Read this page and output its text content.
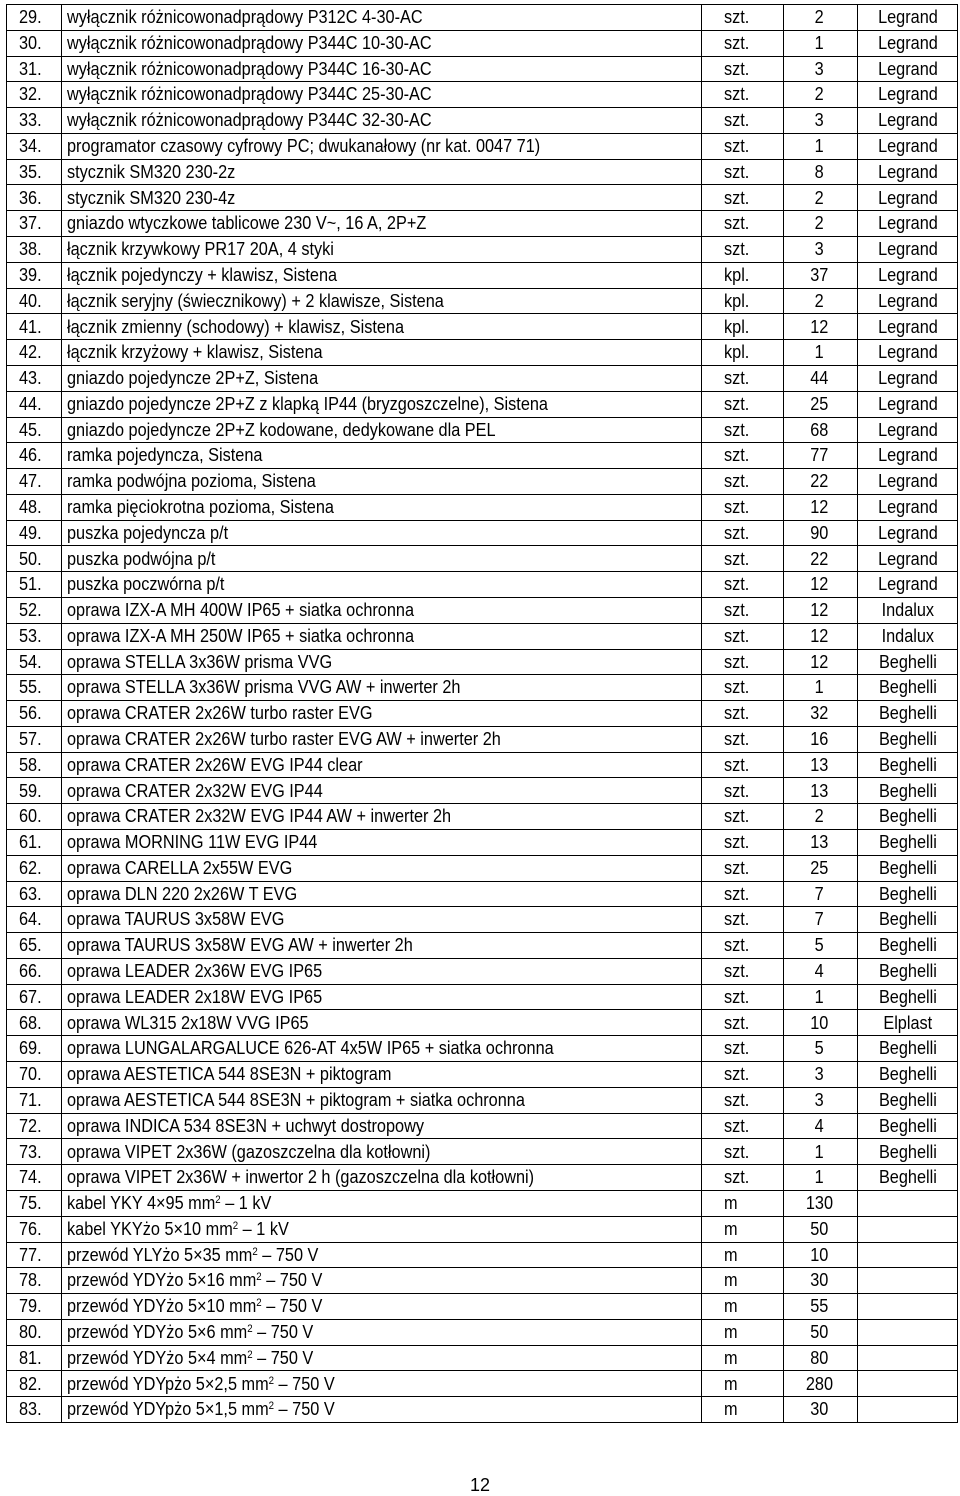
29.	wyłącznik różnicowonadprądowy P312C 4-30-AC	szt.	2	Legrand
30.	wyłącznik różnicowonadprądowy P344C 10-30-AC	szt.	1	Legrand
31.	wyłącznik różnicowonadprądowy P344C 16-30-AC	szt.	3	Legrand
32.	wyłącznik różnicowonadprądowy P344C 25-30-AC	szt.	2	Legrand
33.	wyłącznik różnicowonadprądowy P344C 32-30-AC	szt.	3	Legrand
34.	programator czasowy cyfrowy PC; dwukanałowy (nr kat. 0047 71)	szt.	1	Legrand
35.	stycznik SM320 230-2z	szt.	8	Legrand
36.	stycznik SM320 230-4z	szt.	2	Legrand
37.	gniazdo wtyczkowe tablicowe 230 V~, 16 A, 2P+Z	szt.	2	Legrand
38.	łącznik krzywkowy PR17 20A, 4 styki	szt.	3	Legrand
39.	łącznik pojedynczy + klawisz, Sistena	kpl.	37	Legrand
40.	łącznik seryjny (świecznikowy) + 2 klawisze, Sistena	kpl.	2	Legrand
41.	łącznik zmienny (schodowy) + klawisz, Sistena	kpl.	12	Legrand
42.	łącznik krzyżowy + klawisz, Sistena	kpl.	1	Legrand
43.	gniazdo pojedyncze 2P+Z, Sistena	szt.	44	Legrand
44.	gniazdo pojedyncze 2P+Z z klapką IP44 (bryzgoszczelne), Sistena	szt.	25	Legrand
45.	gniazdo pojedyncze 2P+Z kodowane, dedykowane dla PEL	szt.	68	Legrand
46.	ramka pojedyncza, Sistena	szt.	77	Legrand
47.	ramka podwójna pozioma, Sistena	szt.	22	Legrand
48.	ramka pięciokrotna pozioma, Sistena	szt.	12	Legrand
49.	puszka pojedyncza p/t	szt.	90	Legrand
50.	puszka podwójna p/t	szt.	22	Legrand
51.	puszka poczwórna p/t	szt.	12	Legrand
52.	oprawa IZX-A MH 400W IP65 + siatka ochronna	szt.	12	Indalux
53.	oprawa IZX-A MH 250W IP65 + siatka ochronna	szt.	12	Indalux
54.	oprawa STELLA 3x36W prisma VVG	szt.	12	Beghelli
55.	oprawa STELLA 3x36W prisma VVG AW + inwerter 2h	szt.	1	Beghelli
56.	oprawa CRATER 2x26W turbo raster EVG	szt.	32	Beghelli
57.	oprawa CRATER 2x26W turbo raster EVG AW + inwerter 2h	szt.	16	Beghelli
58.	oprawa CRATER 2x26W EVG IP44 clear	szt.	13	Beghelli
59.	oprawa CRATER 2x32W EVG IP44	szt.	13	Beghelli
60.	oprawa CRATER 2x32W EVG IP44 AW + inwerter 2h	szt.	2	Beghelli
61.	oprawa MORNING 11W EVG IP44	szt.	13	Beghelli
62.	oprawa CARELLA 2x55W EVG	szt.	25	Beghelli
63.	oprawa DLN 220 2x26W T EVG	szt.	7	Beghelli
64.	oprawa TAURUS 3x58W EVG	szt.	7	Beghelli
65.	oprawa TAURUS 3x58W EVG AW + inwerter 2h	szt.	5	Beghelli
66.	oprawa LEADER 2x36W EVG IP65	szt.	4	Beghelli
67.	oprawa LEADER 2x18W EVG IP65	szt.	1	Beghelli
68.	oprawa WL315 2x18W VVG IP65	szt.	10	Elplast
69.	oprawa LUNGALARGALUCE 626-AT 4x5W IP65 + siatka ochronna	szt.	5	Beghelli
70.	oprawa AESTETICA 544 8SE3N + piktogram	szt.	3	Beghelli
71.	oprawa AESTETICA 544 8SE3N + piktogram + siatka ochronna	szt.	3	Beghelli
72.	oprawa INDICA 534 8SE3N + uchwyt dostropowy	szt.	4	Beghelli
73.	oprawa VIPET 2x36W (gazoszczelna dla kotłowni)	szt.	1	Beghelli
74.	oprawa VIPET 2x36W + inwertor 2 h (gazoszczelna dla kotłowni)	szt.	1	Beghelli
75.	kabel YKY 4×95 $mm^2 - 1$ kV	m	130	
76.	kabel YKYżo 5×10 $mm^2 - 1$ kV	m	50	
77.	przewód YLYżo 5×35 $mm^2 - 750$ V	m	10	
78.	przewód YDYżo 5×16 $mm^2 - 750$ V	m	30	
79.	przewód YDYżo 5×10 $mm^2 - 750$ V	m	55	
80.	przewód YDYżo 5×6 $mm^2 - 750$ V	m	50	
81.	przewód YDYżo 5×4 $mm^2 - 750$ V	m	80	
82.	przewód YDYpżo 5×2,5 $mm^2 - 750$ V	m	280	
83.	przewód YDYpżo 5×1,5 $mm^2 - 750$ V	m	30	
12
